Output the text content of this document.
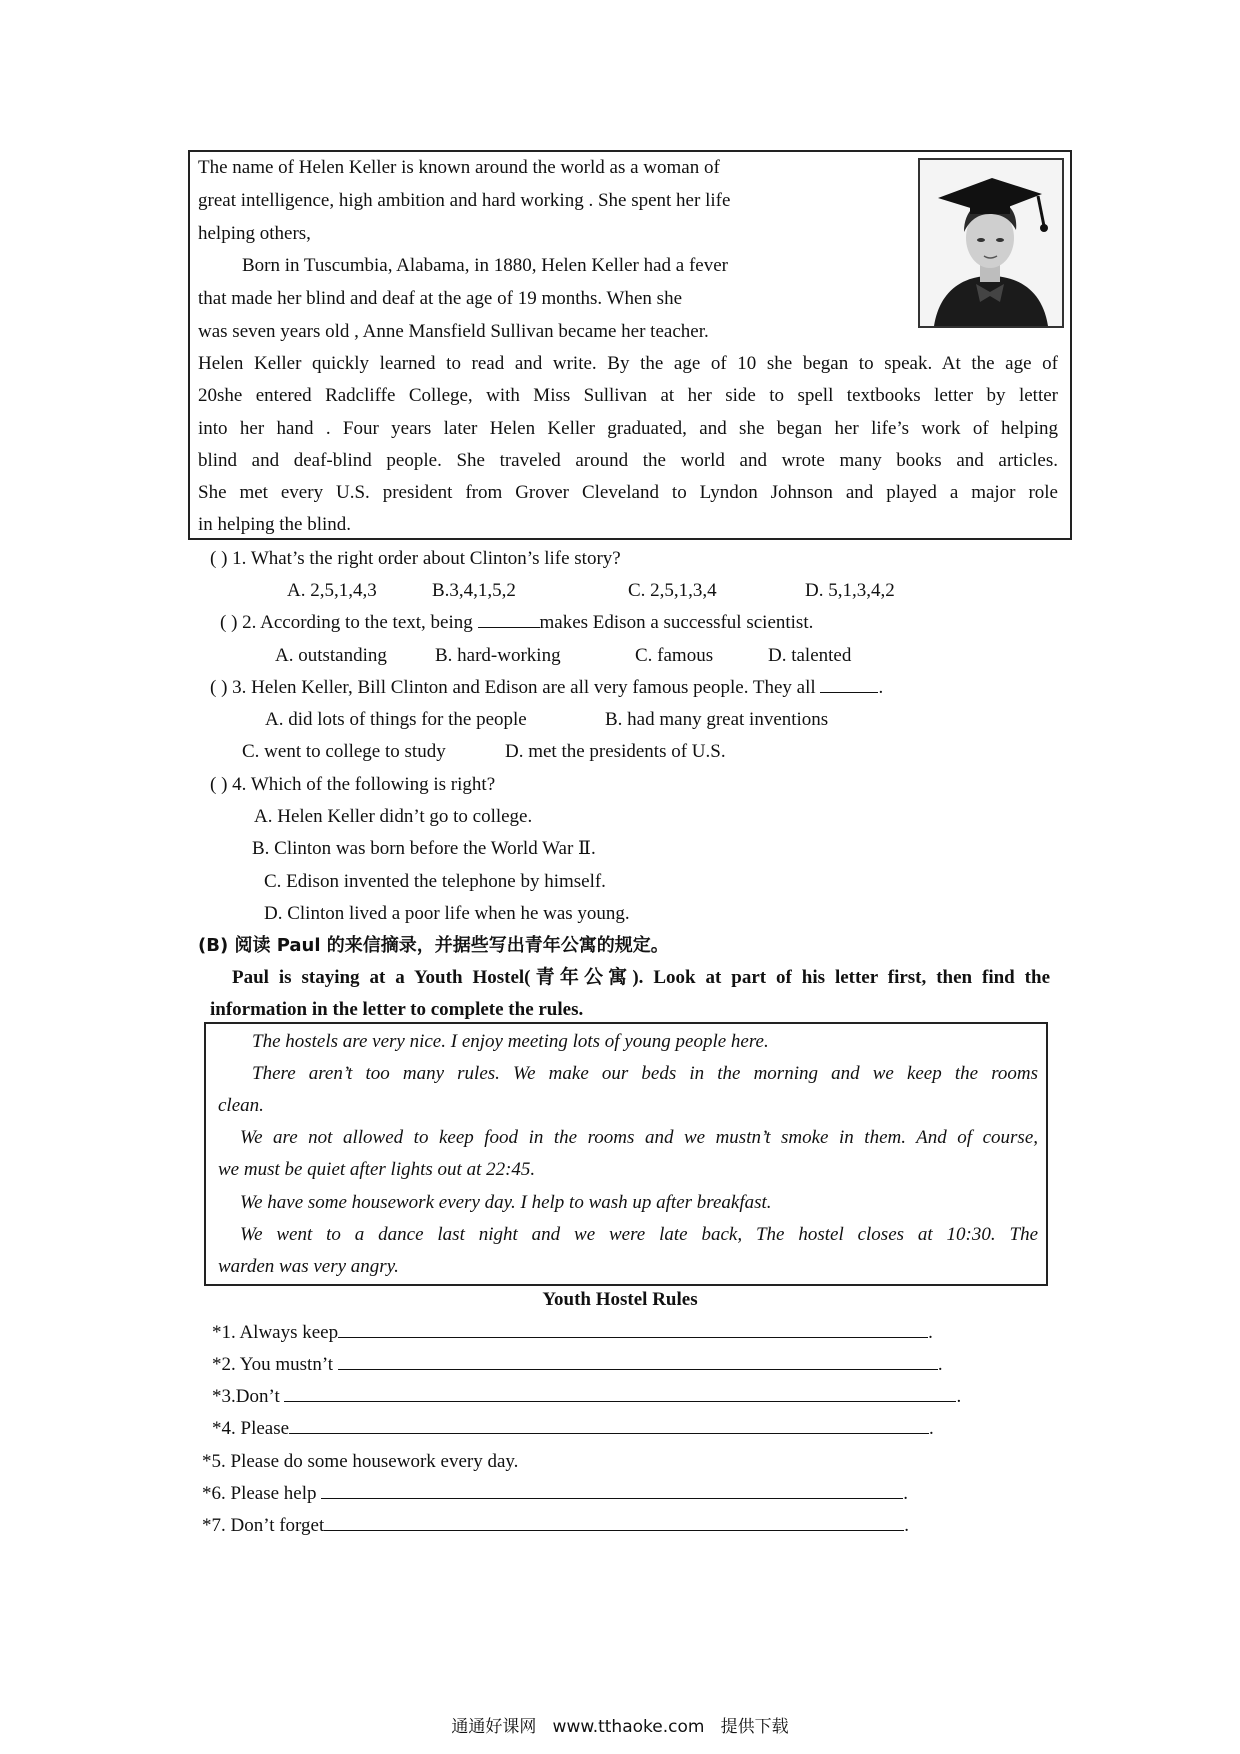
The name of Helen Keller is known around the world as a woman of
great intelligence, high ambition and hard working . She spent her life
helping others,
Born in Tuscumbia, Alabama, in 1880, Helen Keller had a fever
that made her blind and deaf at the age of 19 months. When she
was seven years old , Anne Mansfield Sullivan became her teacher.
Helen Keller quickly learned to read and write. By the age of 10 she began to speak. At the age of
20she entered Radcliffe College, with Miss Sullivan at her side to spell textbooks letter by letter
into her hand . Four years later Helen Keller graduated, and she began her life’s work of helping
blind and deaf-blind people. She traveled around the world and wrote many books and articles.
She met every U.S. president from Grover Cleveland to Lyndon Johnson and played a major role
in helping the blind.
( ) 1. What’s the right order about Clinton’s life story?
A. 2,5,1,4,3	B.3,4,1,5,2	C. 2,5,1,3,4	D. 5,1,3,4,2
( ) 2. According to the text, being	makes Edison a successful scientist.
A. outstanding	B. hard-working	C. famous	D. talented
( ) 3. Helen Keller, Bill Clinton and Edison are all very famous people. They all	.
A. did lots of things for the people	B. had many great inventions
C. went to college to study	D. met the presidents of U.S.
( ) 4. Which of the following is right?
A. Helen Keller didn’t go to college.
B. Clinton was born before the World War Ⅱ.
C. Edison invented the telephone by himself.
D. Clinton lived a poor life when he was young.
(B) 阅读 Paul 的来信摘录，并据些写出青年公寓的规定。
Paul is staying at a Youth Hostel(青年公寓). Look at part of his letter first, then find the
information in the letter to complete the rules.
The hostels are very nice. I enjoy meeting lots of young people here.
There aren’t too many rules. We make our beds in the morning and we keep the rooms
clean.
We are not allowed to keep food in the rooms and we mustn’t smoke in them. And of course,
we must be quiet after lights out at 22:45.
We have some housework every day. I help to wash up after breakfast.
We went to a dance last night and we were late back, The hostel closes at 10:30. The
warden was very angry.
Youth Hostel Rules
*1. Always keep	.
*2. You mustn’t	.
*3.Don’t	.
*4. Please	.
*5. Please do some housework every day.
*6. Please help	.
*7. Don’t forget	.
通通好课网 www.tthaoke.com 提供下载
